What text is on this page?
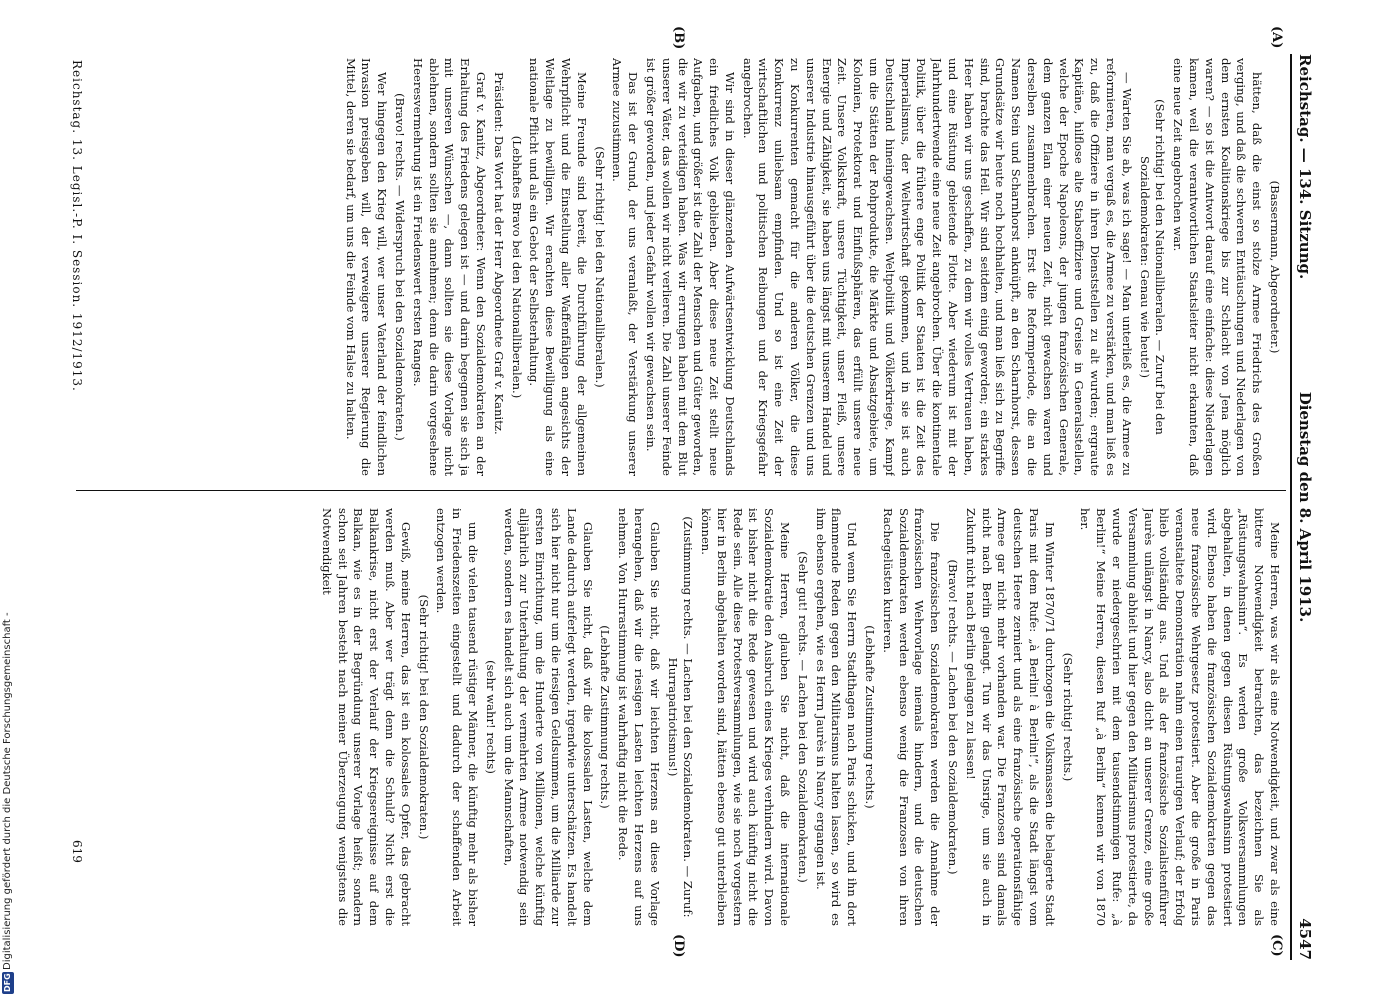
Reichstag. — 134. Sitzung.
Dienstag den 8. April 1913.
4547
(A)
(B)
(C)
(D)

(Bassermann, Abgeordneter.)

hätten, daß die einst so stolze Armee Friedrichs des Großen verging, und daß die schweren Enttäuschungen und Niederlagen von dem ernsten Koalitionskriege bis zur Schlacht von Jena möglich waren? — so ist die Antwort darauf eine einfache: diese Niederlagen kamen, weil die verantwortlichen Staatsleiter nicht erkannten, daß eine neue Zeit angebrochen war.

(Sehr richtig! bei den Nationalliberalen. — Zuruf bei den Sozialdemokraten: Genau wie heute!)

— Warten Sie ab, was ich sage! — Man unterließ es, die Armee zu reformieren, man vergaß es, die Armee zu verstärken, und man ließ es zu, daß die Offiziere in ihren Dienststellen zu alt wurden; ergraute Kapitäne, hilflose alte Stabsoffiziere und Greise in Generalsstellen, welche der Epoche Napoleons, der jungen französischen Generale, dem ganzen Elan einer neuen Zeit, nicht gewachsen waren und derselben zusammenbrachen. Erst die Reformperiode, die an die Namen Stein und Scharnhorst anknüpft, an den Scharnhorst, dessen Grundsätze wir heute noch hochhalten, und man ließ sich zu Begriffe sind, brachte das Heil. Wir sind seitdem einig geworden; ein starkes Heer haben wir uns geschaffen, zu dem wir volles Vertrauen haben, und eine Rüstung gebietende Flotte. Aber wiederum ist mit der Jahrhundertwende eine neue Zeit angebrochen. Über die kontinentale Politik, über die frühere enge Politik der Staaten ist die Zeit des Imperialismus, der Weltwirtschaft gekommen, und in sie ist auch Deutschland hineingewachsen. Weltpolitik und Völkerkriege, Kampf um die Stätten der Rohprodukte, die Märkte und Absatzgebiete, um Kolonien, Protektorat und Einflußsphären, das erfüllt unsere neue Zeit. Unsere Volkskraft, unsere Tüchtigkeit, unser Fleiß, unsere Energie und Zähigkeit, sie haben uns längst mit unserem Handel und unserer Industrie hinausgeführt über die deutschen Grenzen und uns zu Konkurrenten gemacht für die anderen Völker, die diese Konkurrenz unliebsam empfinden. Und so ist eine Zeit der wirtschaftlichen und politischen Reibungen und der Kriegsgefahr angebrochen.

Wir sind in dieser glänzenden Aufwärtsentwicklung Deutschlands ein friedliches Volk geblieben. Aber diese neue Zeit stellt neue Aufgaben, und größer ist die Zahl der Menschen und Güter geworden, die wir zu verteidigen haben. Was wir errungen haben mit dem Blut unserer Väter, das wollen wir nicht verlieren. Die Zahl unserer Feinde ist größer geworden, und jeder Gefahr wollen wir gewachsen sein.

Das ist der Grund, der uns veranlaßt, der Verstärkung unserer Armee zuzustimmen.

(Sehr richtig! bei den Nationalliberalen.)

Meine Freunde sind bereit, die Durchführung der allgemeinen Wehrpflicht und die Einstellung aller Waffenfähigen angesichts der Weltlage zu bewilligen. Wir erachten diese Bewilligung als eine nationale Pflicht und als ein Gebot der Selbsterhaltung.

(Lebhaftes Bravo bei den Nationalliberalen.)

Präsident: Das Wort hat der Herr Abgeordnete Graf v. Kanitz.

Graf v. Kanitz, Abgeordneter: Wenn den Sozialdemokraten an der Erhaltung des Friedens gelegen ist — und darin begegnen sie sich ja mit unseren Wünschen —, dann sollten sie diese Vorlage nicht ablehnen, sondern sollten sie annehmen; denn die darin vorgesehene Heeresvermehrung ist ein Friedenswert ersten Ranges.

(Bravo! rechts. — Widerspruch bei den Sozialdemokraten.)

Wer hingegen den Krieg will, wer unser Vaterland der feindlichen Invasion preisgeben will, der verweigere unserer Regierung die Mittel, deren sie bedarf, um uns die Feinde vom Halse zu halten.

Meine Herren, was wir als eine Notwendigkeit, und zwar als eine bittere Notwendigkeit betrachten, das bezeichnen Sie als „Rüstungswahnsinn“. Es werden große Volksversammlungen abgehalten, in denen gegen diesen Rüstungswahnsinn protestiert wird. Ebenso haben die französischen Sozialdemokraten gegen das neue französische Wehrgesetz protestiert. Aber die große in Paris veranstaltete Demonstration nahm einen traurigen Verlauf; der Erfolg blieb vollständig aus. Und als der französische Sozialistenführer Jaurès unlängst in Nancy, also dicht an unserer Grenze, eine große Versammlung abhielt und hier gegen den Militarismus protestierte, da wurde er niedergeschrien mit dem tausendstimmigen Rufe: „à Berlin!“ Meine Herren, diesen Ruf „à Berlin“ kennen wir von 1870 her.

(Sehr richtig! rechts.)

Im Winter 1870/71 durchzogen die Volksmassen die belagerte Stadt Paris mit dem Rufe: „à Berlin! à Berlin!“, als die Stadt längst vom deutschen Heere zerniert und als eine französische operationsfähige Armee gar nicht mehr vorhanden war. Die Franzosen sind damals nicht nach Berlin gelangt. Tun wir das Unsrige, um sie auch in Zukunft nicht nach Berlin gelangen zu lassen!

(Bravo! rechts. — Lachen bei den Sozialdemokraten.)

Die französischen Sozialdemokraten werden die Annahme der französischen Wehrvorlage niemals hindern, und die deutschen Sozialdemokraten werden ebenso wenig die Franzosen von ihren Rachegelüsten kurieren.

(Lebhafte Zustimmung rechts.)

Und wenn Sie Herrn Stadthagen nach Paris schicken, und ihn dort flammende Reden gegen den Militarismus halten lassen, so wird es ihm ebenso ergehen, wie es Herrn Jaurès in Nancy ergangen ist.

(Sehr gut! rechts. — Lachen bei den Sozialdemokraten.)

Meine Herren, glauben Sie nicht, daß die internationale Sozialdemokratie den Ausbruch eines Krieges verhindern wird. Davon ist bisher nicht die Rede gewesen und wird auch künftig nicht die Rede sein. Alle diese Protestversammlungen, wie sie noch vorgestern hier in Berlin abgehalten worden sind, hätten ebenso gut unterbleiben können.

(Zustimmung rechts. — Lachen bei den Sozialdemokraten. — Zuruf: Hurrapatriotismus!)

Glauben Sie nicht, daß wir leichten Herzens an diese Vorlage herangehen, daß wir die riesigen Lasten leichten Herzens auf uns nehmen. Von Hurrastimmung ist wahrhaftig nicht die Rede.

(Lebhafte Zustimmung rechts.)

Glauben Sie nicht, daß wir die kolossalen Lasten, welche dem Lande dadurch auferlegt werden, irgendwie unterschätzen. Es handelt sich hier nicht nur um die riesigen Geldsummen, um die Milliarde zur ersten Einrichtung, um die Hunderte von Millionen, welche künftig alljährlich zur Unterhaltung der vermehrten Armee notwendig sein werden, sondern es handelt sich auch um die Mannschaften,

(sehr wahr! rechts)

um die vielen tausend rüstiger Männer, die künftig mehr als bisher in Friedenszeiten eingestellt und dadurch der schaffenden Arbeit entzogen werden.

(Sehr richtig! bei den Sozialdemokraten.)

Gewiß, meine Herren, das ist ein kolossales Opfer, das gebracht werden muß. Aber wer trägt denn die Schuld? Nicht erst die Balkankrise, nicht erst der Verlauf der Kriegsereignisse auf dem Balkan, wie es in der Begründung unserer Vorlage heißt; sondern schon seit Jahren besteht nach meiner Überzeugung wenigstens die Notwendigkeit

Reichstag. 13. Legisl.-P. I. Session. 1912/1913.
619
Digitalisierung gefördert durch die Deutsche Forschungsgemeinschaft -
DFG
